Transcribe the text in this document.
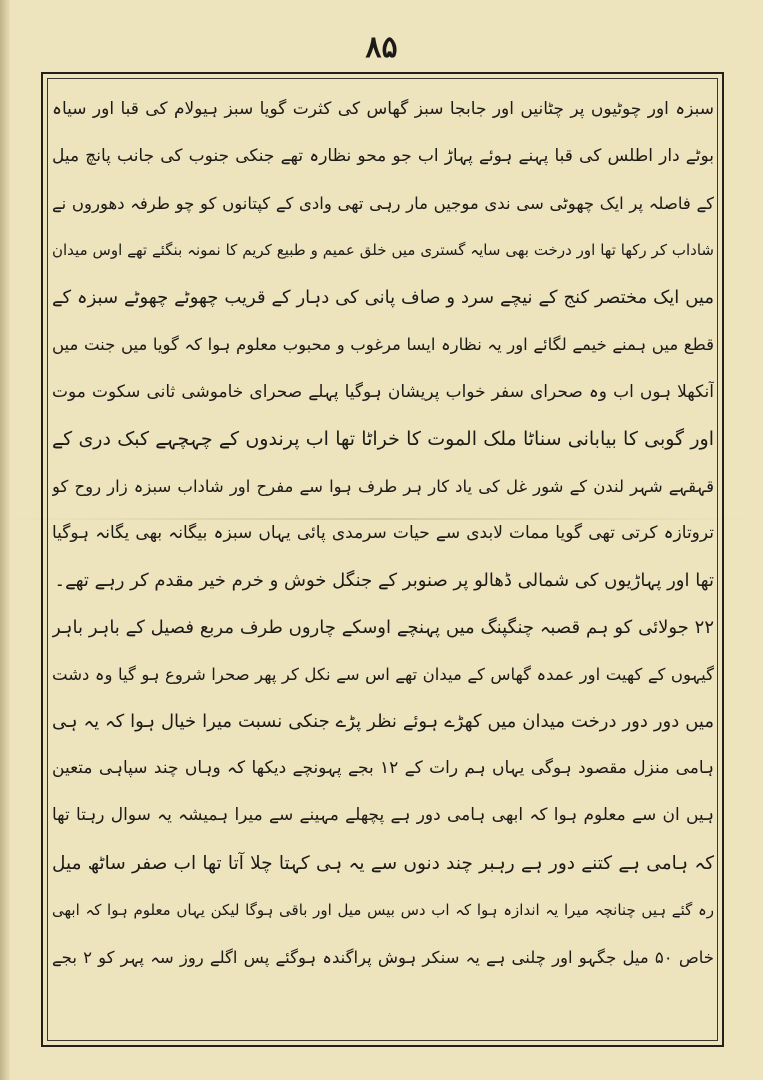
۸۵
سبزہ اور چوٹیوں پر چٹانیں اور جابجا سبز گھاس کی کثرت گویا سبز ہیولام کی قبا اور سیاہ
بوٹے دار اطلس کی قبا پہنے ہوئے پہاڑ اب جو محو نظارہ تھے جنکی جنوب کی جانب پانچ میل
کے فاصلہ پر ایک چھوٹی سی ندی موجیں مار رہی تھی وادی کے کپتانوں کو چو طرفہ دھوروں نے
شاداب کر رکھا تھا اور درخت بھی سایہ گستری میں خلق عمیم و طبیع کریم کا نمونہ بنگئے تھے اوس میدان
میں ایک مختصر کنج کے نیچے سرد و صاف پانی کی دہار کے قریب چھوٹے چھوٹے سبزہ کے
قطع میں ہمنے خیمے لگائے اور یہ نظارہ ایسا مرغوب و محبوب معلوم ہوا کہ گویا میں جنت میں
آنکھلا ہوں اب وہ صحرای سفر خواب پریشان ہوگیا پہلے صحرای خاموشی ثانی سکوت موت
اور گوبی کا بیابانی سناٹا ملک الموت کا خراٹا تھا اب پرندوں کے چہچہے کبک دری کے
قہقہے شہر لندن کے شور غل کی یاد کار ہر طرف ہوا سے مفرح اور شاداب سبزہ زار روح کو
تروتازہ کرتی تھی گویا ممات لابدی سے حیات سرمدی پائی یہاں سبزہ بیگانہ بھی یگانہ ہوگیا
تھا اور پہاڑیوں کی شمالی ڈھالو پر صنوبر کے جنگل خوش و خرم خیر مقدم کر رہے تھے۔
۲۲ جولائی کو ہم قصبہ چنگپنگ میں پہنچے اوسکے چاروں طرف مربع فصیل کے باہر باہر
گیہوں کے کھیت اور عمدہ گھاس کے میدان تھے اس سے نکل کر پھر صحرا شروع ہو گیا وہ دشت
میں دور دور درخت میدان میں کھڑے ہوئے نظر پڑے جنکی نسبت میرا خیال ہوا کہ یہ ہی
ہامی منزل مقصود ہوگی یہاں ہم رات کے ۱۲ بجے پہونچے دیکھا کہ وہاں چند سپاہی متعین
ہیں ان سے معلوم ہوا کہ ابھی ہامی دور ہے پچھلے مہینے سے میرا ہمیشہ یہ سوال رہتا تھا
کہ ہامی ہے کتنے دور ہے رہبر چند دنوں سے یہ ہی کہتا چلا آتا تھا اب صفر ساٹھ میل
رہ گئے ہیں چنانچہ میرا یہ اندازہ ہوا کہ اب دس بیس میل اور باقی ہوگا لیکن یہاں معلوم ہوا کہ ابھی
خاص ۵۰ میل جگہو اور چلنی ہے یہ سنکر ہوش پراگندہ ہوگئے پس اگلے روز سہ پہر کو ۲ بجے
